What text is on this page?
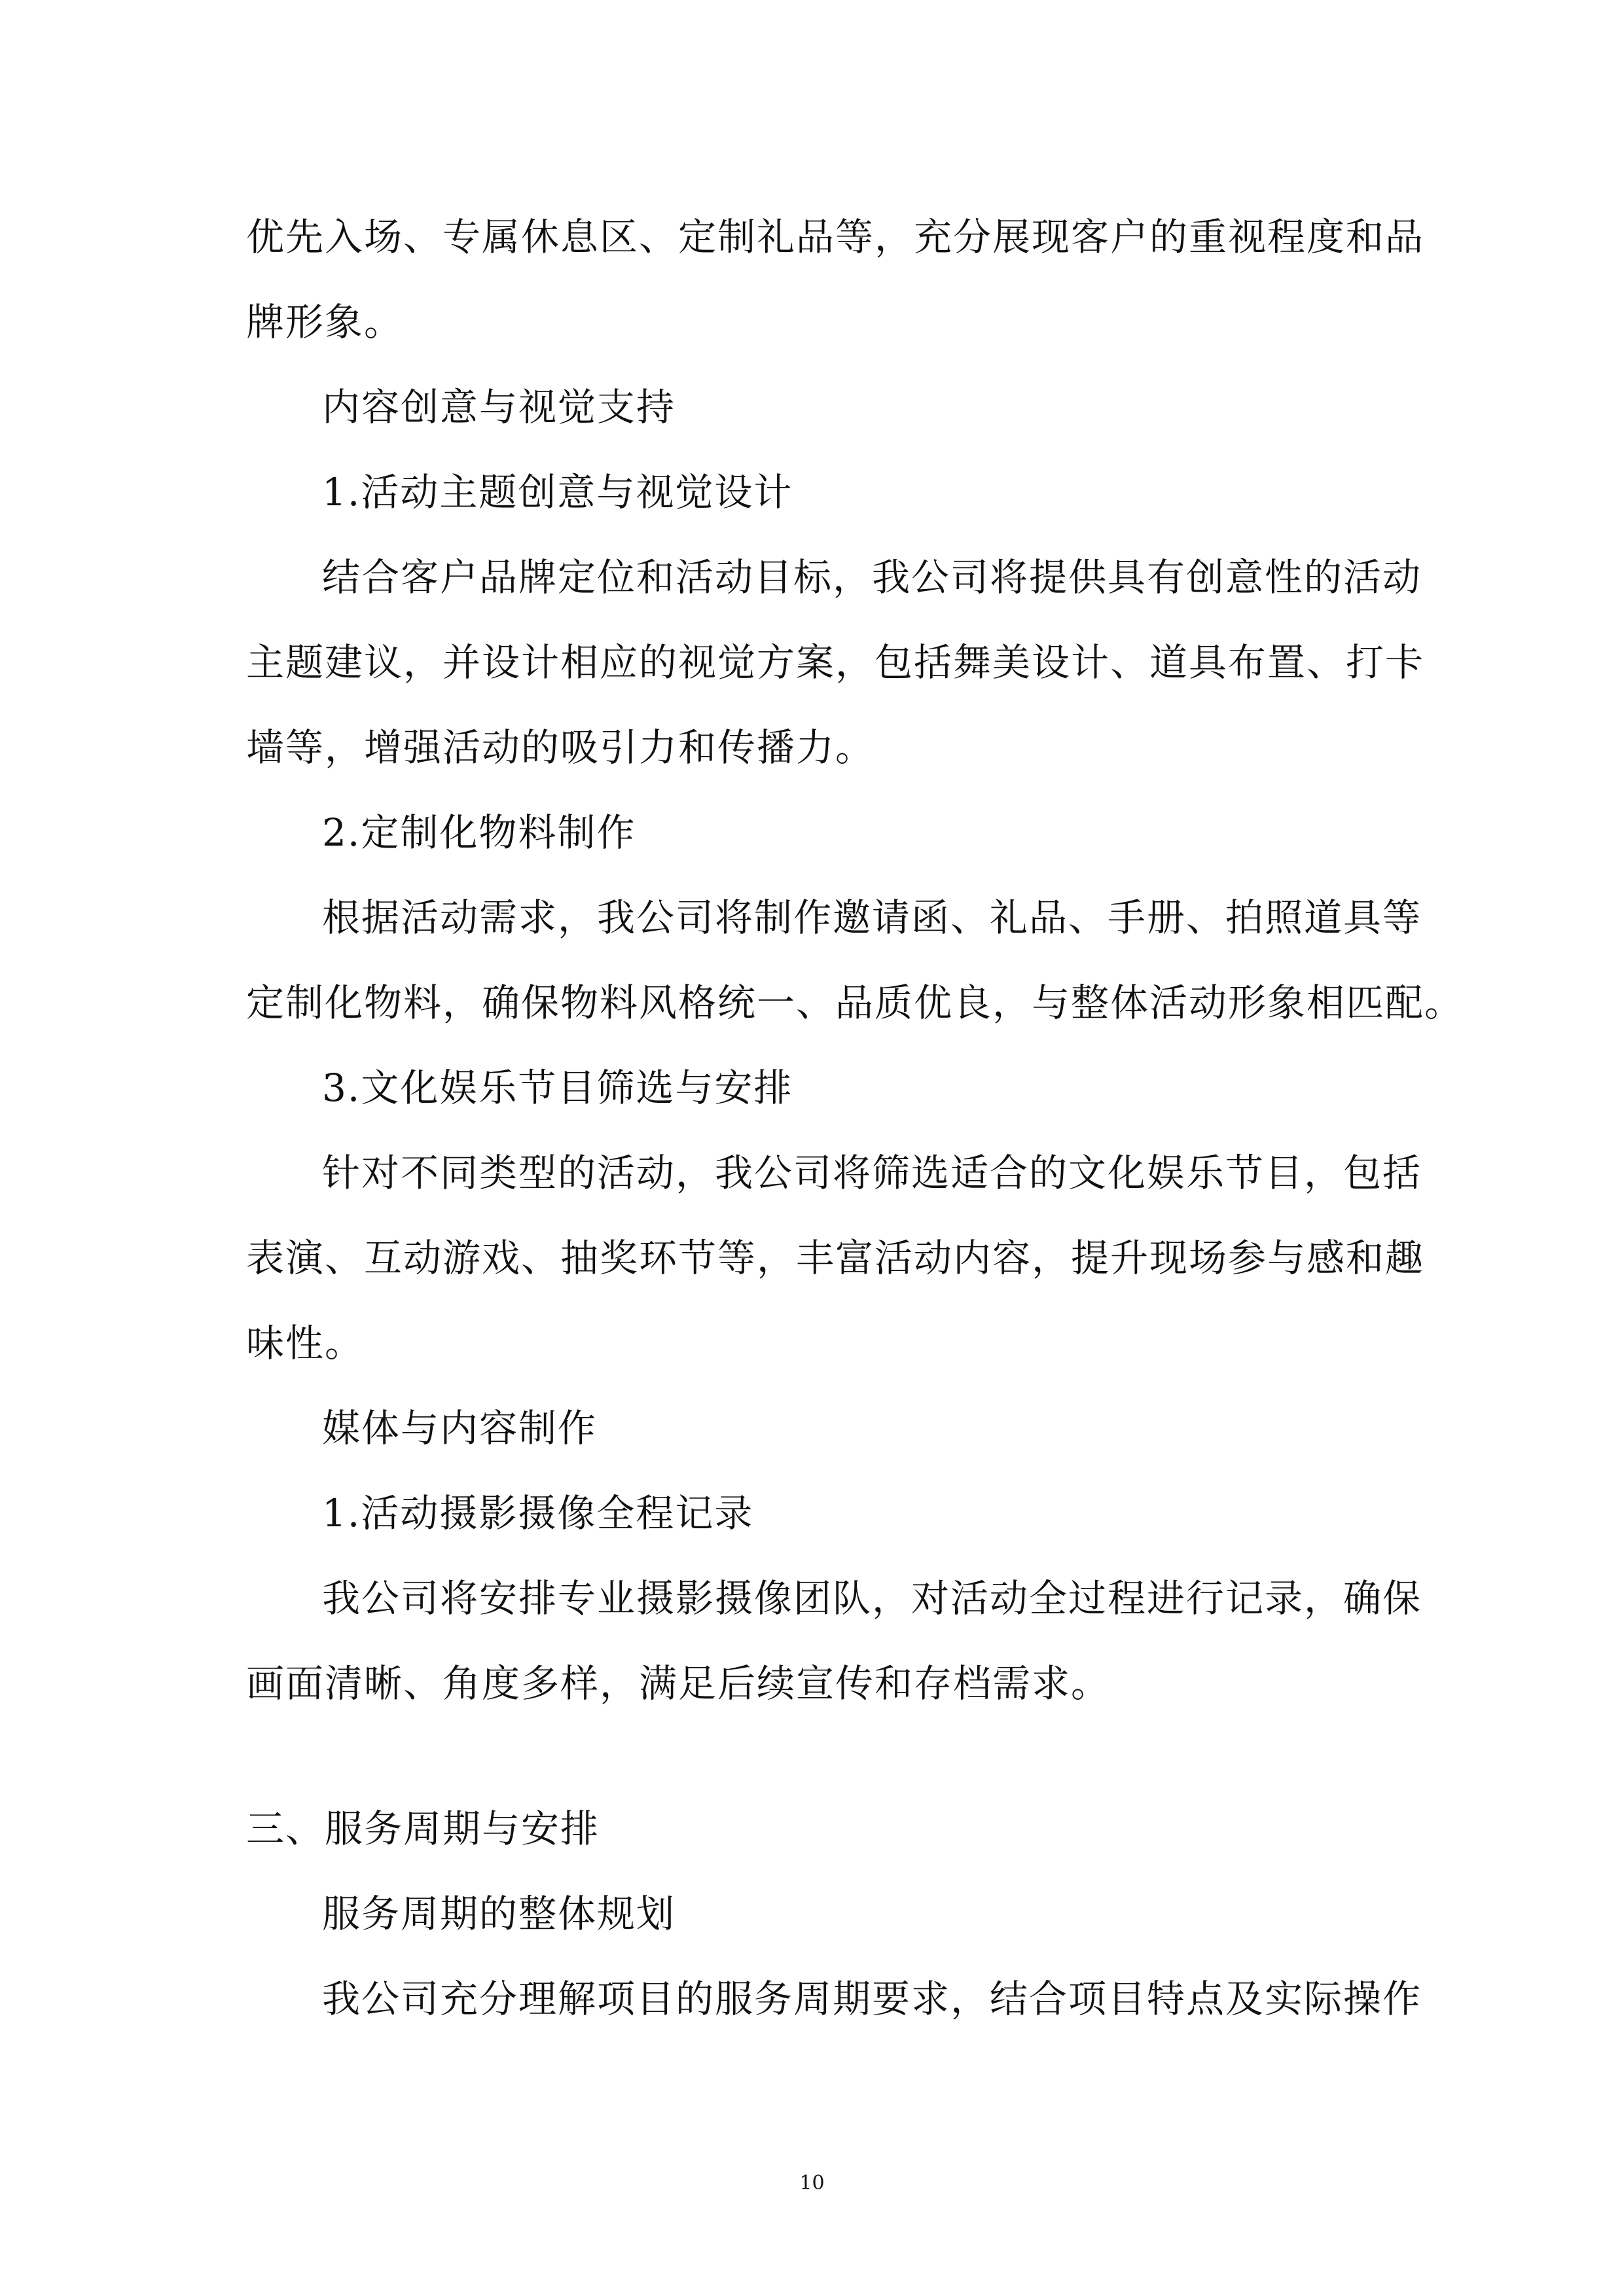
优先入场、专属休息区、定制礼品等，充分展现客户的重视程度和品
牌形象。
内容创意与视觉支持
1.活动主题创意与视觉设计
结合客户品牌定位和活动目标，我公司将提供具有创意性的活动
主题建议，并设计相应的视觉方案，包括舞美设计、道具布置、打卡
墙等，增强活动的吸引力和传播力。
2.定制化物料制作
根据活动需求，我公司将制作邀请函、礼品、手册、拍照道具等
定制化物料，确保物料风格统一、品质优良，与整体活动形象相匹配。
3.文化娱乐节目筛选与安排
针对不同类型的活动，我公司将筛选适合的文化娱乐节目，包括
表演、互动游戏、抽奖环节等，丰富活动内容，提升现场参与感和趣
味性。
媒体与内容制作
1.活动摄影摄像全程记录
我公司将安排专业摄影摄像团队，对活动全过程进行记录，确保
画面清晰、角度多样，满足后续宣传和存档需求。
三、服务周期与安排
服务周期的整体规划
我公司充分理解项目的服务周期要求，结合项目特点及实际操作
10
